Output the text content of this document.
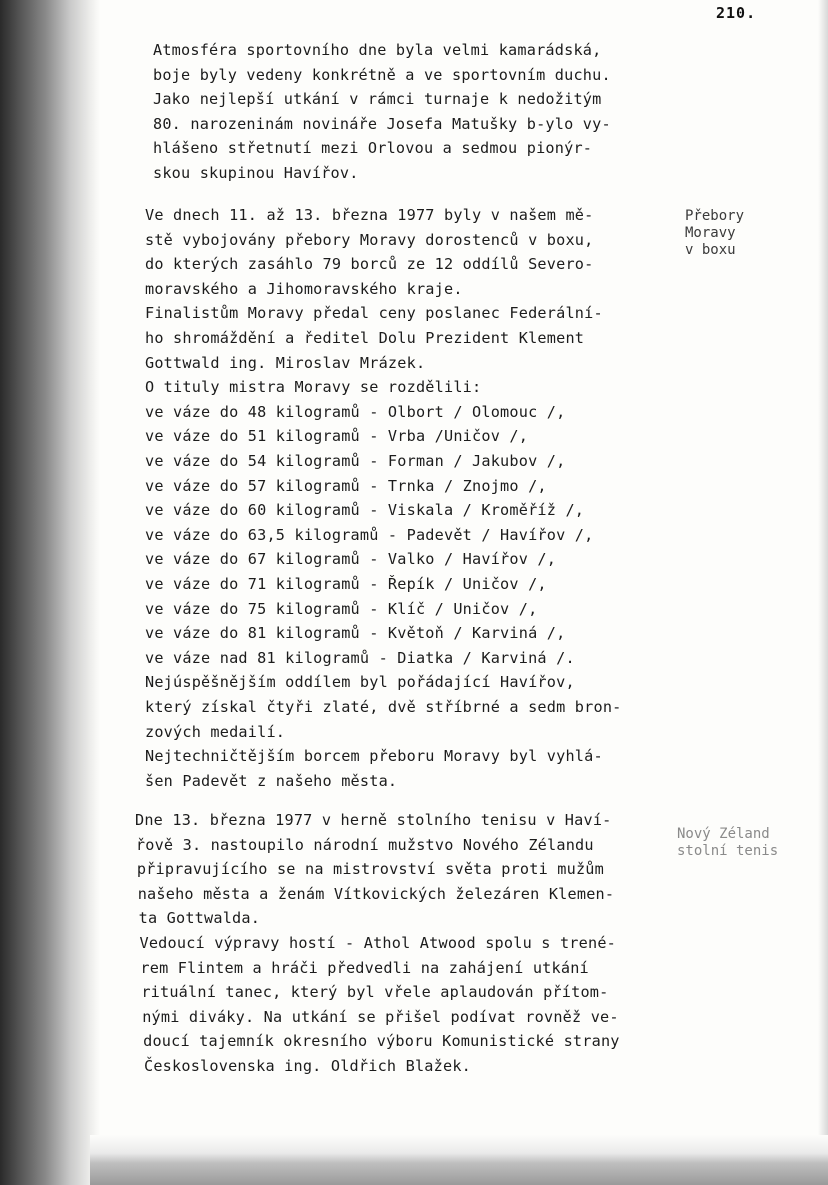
210.
Atmosféra sportovního dne byla velmi kamarádská,
boje byly vedeny konkrétně a ve sportovním duchu.
Jako nejlepší utkání v rámci turnaje k nedožitým
80. narozeninám novináře Josefa Matušky b-ylo vy-
hlášeno střetnutí mezi Orlovou a sedmou pionýr-
skou skupinou Havířov.
Ve dnech 11. až 13. března 1977 byly v našem mě-
stě vybojovány přebory Moravy dorostenců v boxu,
do kterých zasáhlo 79 borců ze 12 oddílů Severo-
moravského a Jihomoravského kraje.
Finalistům Moravy předal ceny poslanec Federální-
ho shromáždění a ředitel Dolu Prezident Klement
Gottwald ing. Miroslav Mrázek.
O tituly mistra Moravy se rozdělili:
ve váze do 48 kilogramů - Olbort / Olomouc /,
ve váze do 51 kilogramů - Vrba /Uničov /,
ve váze do 54 kilogramů - Forman / Jakubov /,
ve váze do 57 kilogramů - Trnka / Znojmo /,
ve váze do 60 kilogramů - Viskala / Kroměříž /,
ve váze do 63,5 kilogramů - Padevět / Havířov /,
ve váze do 67 kilogramů - Valko / Havířov /,
ve váze do 71 kilogramů - Řepík / Uničov /,
ve váze do 75 kilogramů - Klíč / Uničov /,
ve váze do 81 kilogramů - Květoň / Karviná /,
ve váze nad 81 kilogramů - Diatka / Karviná /.
Nejúspěšnějším oddílem byl pořádající Havířov,
který získal čtyři zlaté, dvě stříbrné a sedm bron-
zových medailí.
Nejtechničtějším borcem přeboru Moravy byl vyhlá-
šen Padevět z našeho města.
Dne 13. března 1977 v herně stolního tenisu v Haví-
řově 3. nastoupilo národní mužstvo Nového Zélandu
připravujícího se na mistrovství světa proti mužům
našeho města a ženám Vítkovických železáren Klemen-
ta Gottwalda.
Vedoucí výpravy hostí - Athol Atwood spolu s trené-
rem Flintem a hráči předvedli na zahájení utkání
rituální tanec, který byl vřele aplaudován přítom-
nými diváky. Na utkání se přišel podívat rovněž ve-
doucí tajemník okresního výboru Komunistické strany
Československa ing. Oldřich Blažek.
Přebory
Moravy
v boxu
Nový Zéland
stolní tenis
